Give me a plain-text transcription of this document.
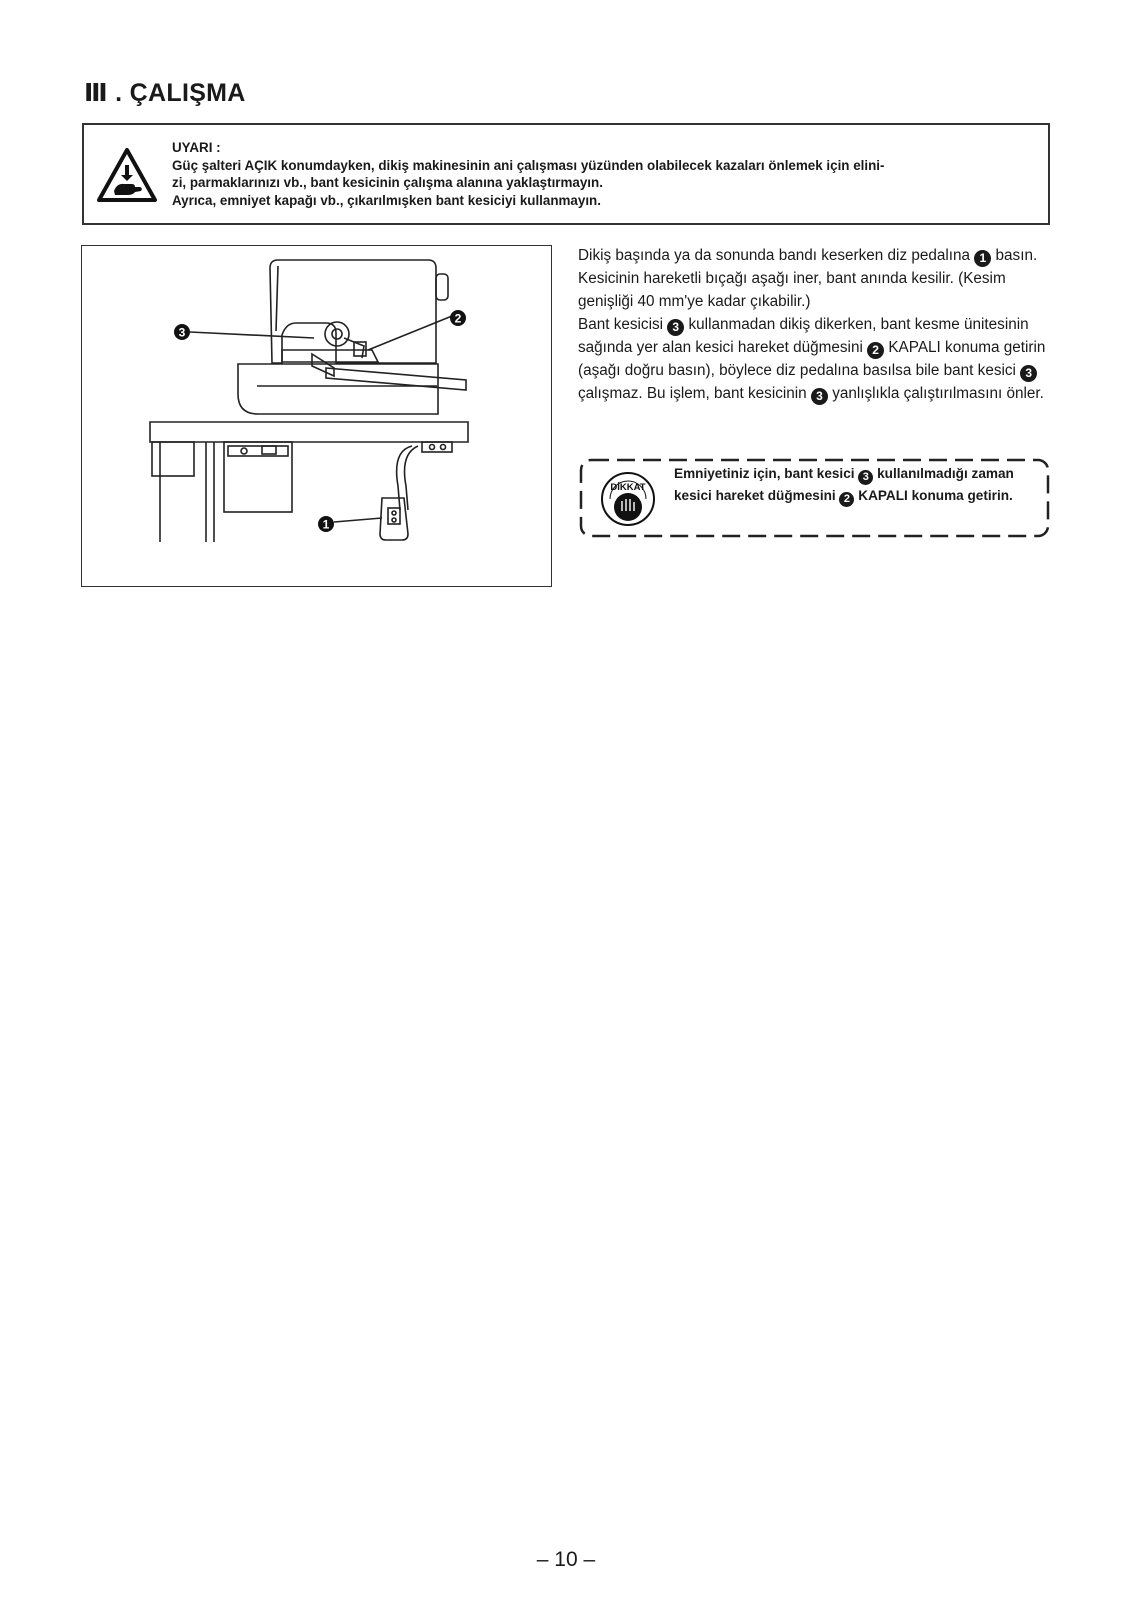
Ⅲ . ÇALIŞMA
UYARI :
Güç şalteri AÇIK konumdayken, dikiş makinesinin ani çalışması yüzünden olabilecek kazaları önlemek için elini-
zi, parmaklarınızı vb., bant kesicinin çalışma alanına yaklaştırmayın.
Ayrıca, emniyet kapağı vb., çıkarılmışken bant kesiciyi kullanmayın.
3
2
1

Dikiş başında ya da sonunda bandı keserken diz pedalına 1 basın. Kesicinin hareketli bıçağı aşağı iner, bant anında kesilir. (Kesim genişliği 40 mm'ye kadar çıkabilir.)

Bant kesicisi 3 kullanmadan dikiş dikerken, bant kesme ünitesinin sağında yer alan kesici hareket düğmesini 2 KAPALI konuma getirin (aşağı doğru basın), böylece diz pedalına basılsa bile bant kesici 3 çalışmaz. Bu işlem, bant kesicinin 3 yanlışlıkla çalıştırılmasını önler.

DİKKAT
Emniyetiniz için, bant kesici 3 kullanılmadığı zaman kesici hareket düğmesini 2 KAPALI konuma getirin.
– 10 –
